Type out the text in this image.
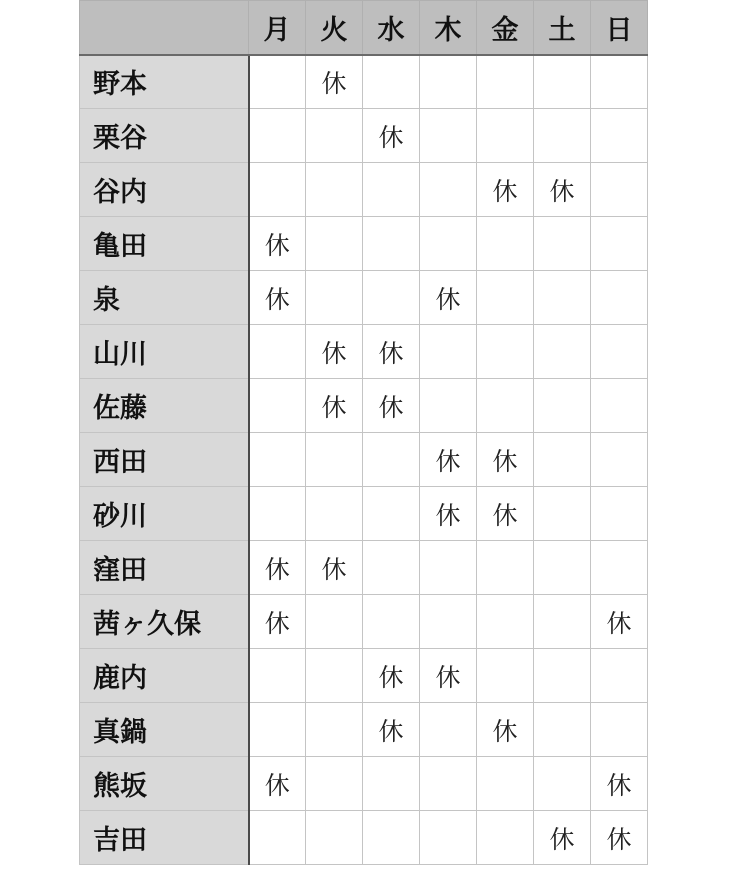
	月	火	水	木	金	土	日
野本		休					
栗谷			休				
谷内					休	休	
亀田	休						
泉	休			休			
山川		休	休				
佐藤		休	休				
西田				休	休		
砂川				休	休		
窪田	休	休					
茜ヶ久保	休						休
鹿内			休	休			
真鍋			休		休		
熊坂	休						休
吉田						休	休
